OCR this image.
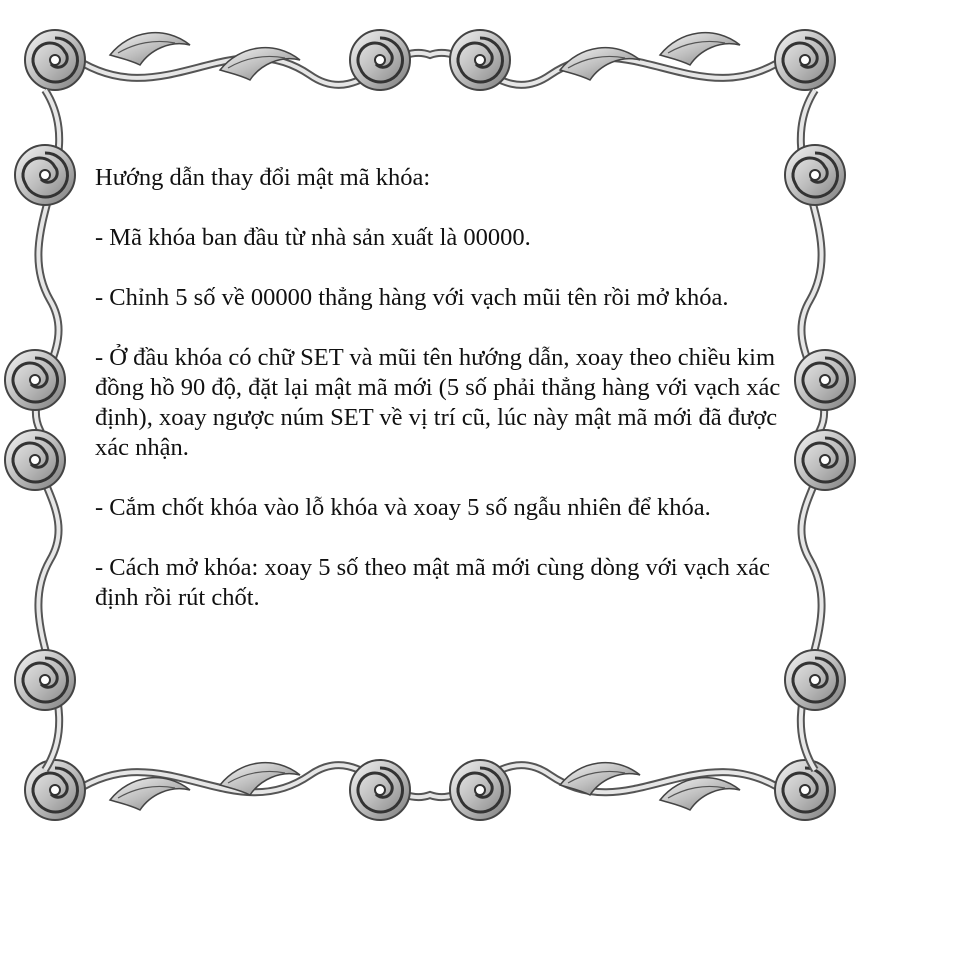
Hướng dẫn thay đổi mật mã khóa:

- Mã khóa ban đầu từ nhà sản xuất là 00000.

- Chỉnh 5 số về 00000 thẳng hàng với vạch mũi tên rồi mở khóa.

- Ở đầu khóa có chữ SET và mũi tên hướng dẫn, xoay theo chiều kim đồng hồ 90 độ, đặt lại mật mã mới (5 số phải thẳng hàng với vạch xác định), xoay ngược núm SET về vị trí cũ, lúc này mật mã mới đã được xác nhận.

- Cắm chốt khóa vào lỗ khóa và xoay 5 số ngẫu nhiên để khóa.

- Cách mở khóa: xoay 5 số theo mật mã mới cùng dòng với vạch xác định rồi rút chốt.
